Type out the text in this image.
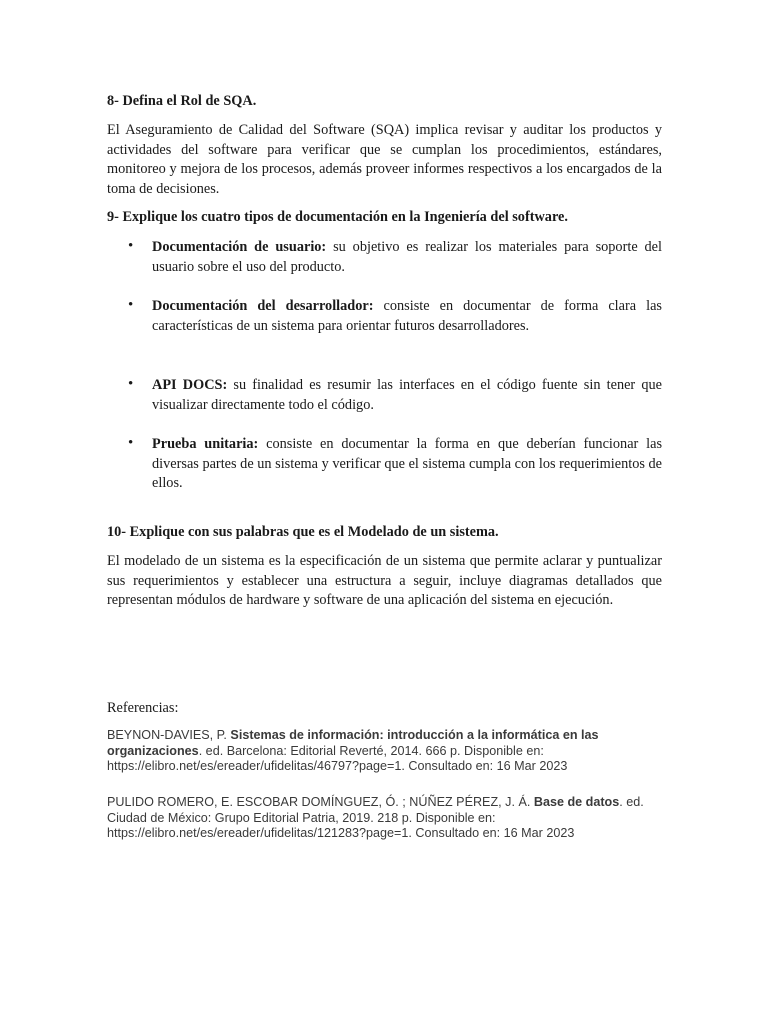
8- Defina el Rol de SQA.

El Aseguramiento de Calidad del Software (SQA) implica revisar y auditar los productos y actividades del software para verificar que se cumplan los procedimientos, estándares, monitoreo y mejora de los procesos, además proveer informes respectivos a los encargados de la toma de decisiones.

9- Explique los cuatro tipos de documentación en la Ingeniería del software.

• Documentación de usuario: su objetivo es realizar los materiales para soporte del usuario sobre el uso del producto.

• Documentación del desarrollador: consiste en documentar de forma clara las características de un sistema para orientar futuros desarrolladores.

• API DOCS: su finalidad es resumir las interfaces en el código fuente sin tener que visualizar directamente todo el código.

• Prueba unitaria: consiste en documentar la forma en que deberían funcionar las diversas partes de un sistema y verificar que el sistema cumpla con los requerimientos de ellos.

10- Explique con sus palabras que es el Modelado de un sistema.

El modelado de un sistema es la especificación de un sistema que permite aclarar y puntualizar sus requerimientos y establecer una estructura a seguir, incluye diagramas detallados que representan módulos de hardware y software de una aplicación del sistema en ejecución.

Referencias:

BEYNON-DAVIES, P. Sistemas de información: introducción a la informática en las organizaciones. ed. Barcelona: Editorial Reverté, 2014. 666 p. Disponible en: https://elibro.net/es/ereader/ufidelitas/46797?page=1. Consultado en: 16 Mar 2023

PULIDO ROMERO, E. ESCOBAR DOMÍNGUEZ, Ó. ; NÚÑEZ PÉREZ, J. Á. Base de datos. ed. Ciudad de México: Grupo Editorial Patria, 2019. 218 p. Disponible en: https://elibro.net/es/ereader/ufidelitas/121283?page=1. Consultado en: 16 Mar 2023
